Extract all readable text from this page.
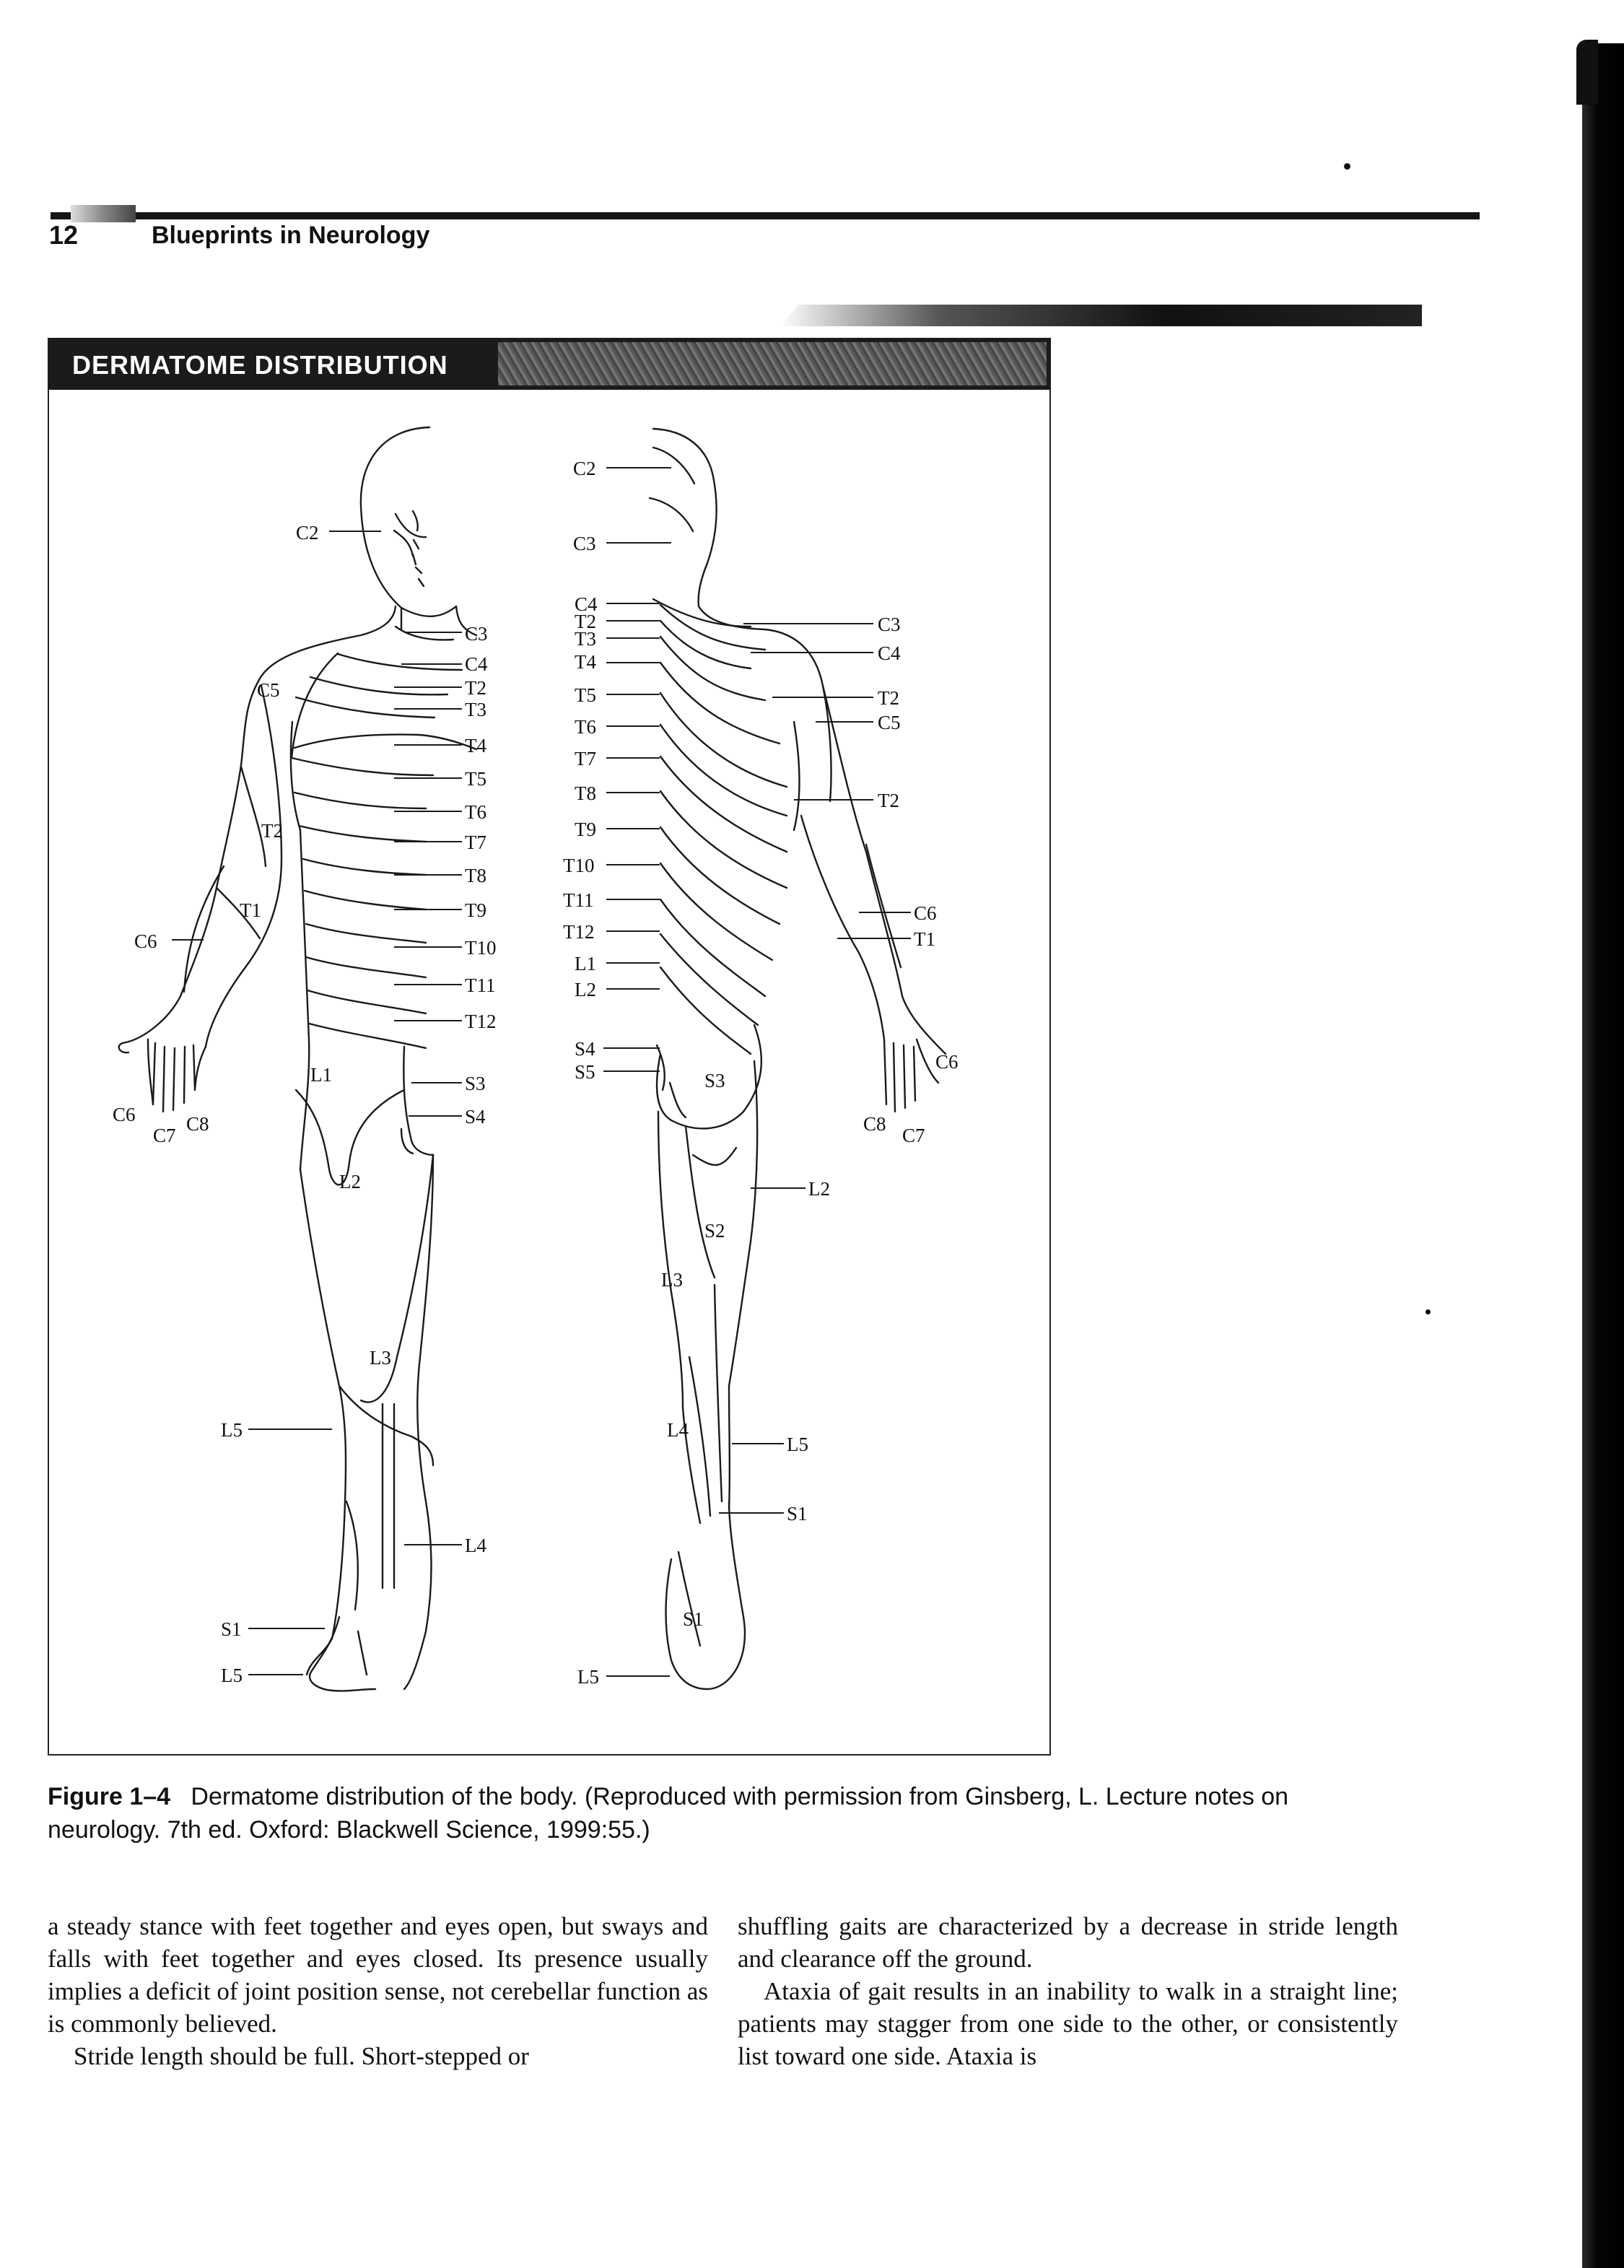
12	Blueprints in Neurology
DERMATOME DISTRIBUTION
C2
C5
T2
T1
C6
C6
C7
C8
C3
C4
T2
T3
T4
T5
T6
T7
T8
T9
T10
T11
T12
L1	S3
S4
L2
L3
L5
L4
S1
L5
C2
C3
C4
T2
T3
T4
T5
T6
T7
T8
T9
T10
T11
T12
L1
L2
S4
S5	S3
C3
C4
T2
C5
T2
C6
T1
C6
C8
C7
L2
S2
L3
L4
L5
S1
S1
L5
Figure 1–4 Dermatome distribution of the body. (Reproduced with permission from Ginsberg, L. Lecture notes on neurology. 7th ed. Oxford: Blackwell Science, 1999:55.)

a steady stance with feet together and eyes open, but sways and falls with feet together and eyes closed. Its presence usually implies a deficit of joint position sense, not cerebellar function as is commonly believed.

Stride length should be full. Short-stepped or

shuffling gaits are characterized by a decrease in stride length and clearance off the ground.

Ataxia of gait results in an inability to walk in a straight line; patients may stagger from one side to the other, or consistently list toward one side. Ataxia is
